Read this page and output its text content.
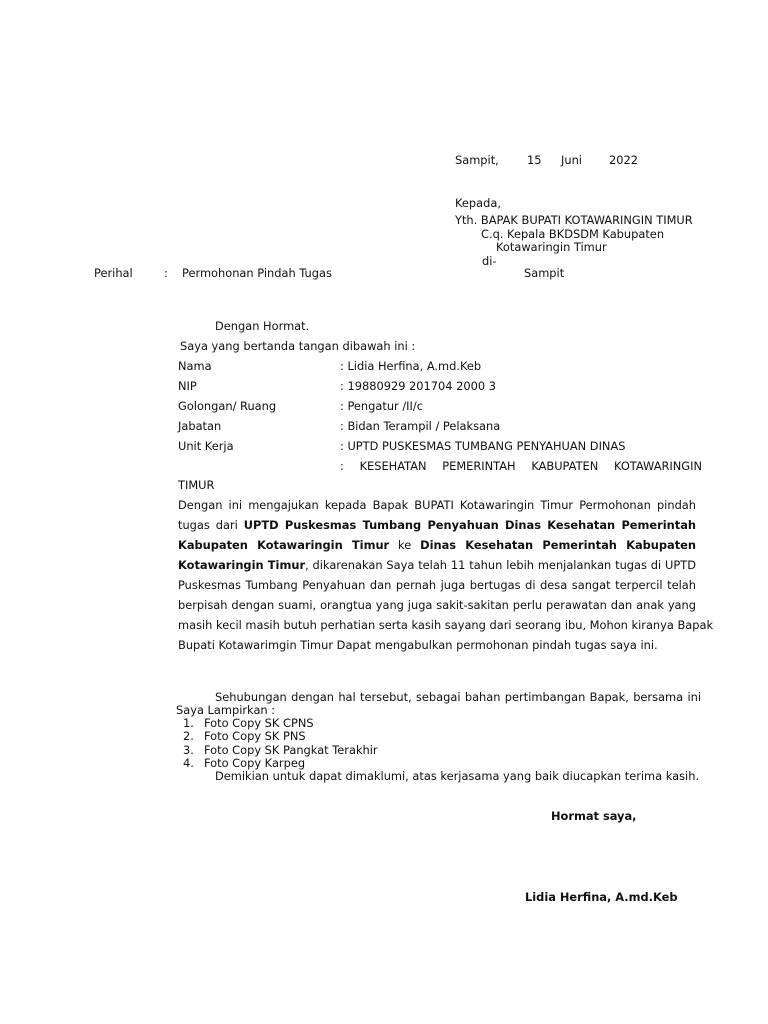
Sampit, 15 Juni 2022
Kepada,
Yth. BAPAK BUPATI KOTAWARINGIN TIMUR
C.q. Kepala BKDSDM Kabupaten
Kotawaringin Timur
di-
Sampit
Perihal	: Permohonan Pindah Tugas
Dengan Hormat.
Saya yang bertanda tangan dibawah ini :
Nama	: Lidia Herfina, A.md.Keb
NIP	: 19880929 201704 2000 3
Golongan/ Ruang	: Pengatur /II/c
Jabatan	: Bidan Terampil / Pelaksana
Unit Kerja	: UPTD PUSKESMAS TUMBANG PENYAHUAN DINAS
: KESEHATAN PEMERINTAH KABUPATEN KOTAWARINGIN
TIMUR
Dengan ini mengajukan kepada Bapak BUPATI Kotawaringin Timur Permohonan pindah
tugas dari UPTD Puskesmas Tumbang Penyahuan Dinas Kesehatan Pemerintah
Kabupaten Kotawaringin Timur ke Dinas Kesehatan Pemerintah Kabupaten
Kotawaringin Timur, dikarenakan Saya telah 11 tahun lebih menjalankan tugas di UPTD
Puskesmas Tumbang Penyahuan dan pernah juga bertugas di desa sangat terpercil telah
berpisah dengan suami, orangtua yang juga sakit-sakitan perlu perawatan dan anak yang
masih kecil masih butuh perhatian serta kasih sayang dari seorang ibu, Mohon kiranya Bapak
Bupati Kotawarimgin Timur Dapat mengabulkan permohonan pindah tugas saya ini.
Sehubungan dengan hal tersebut, sebagai bahan pertimbangan Bapak, bersama ini
Saya Lampirkan :
1. Foto Copy SK CPNS
2. Foto Copy SK PNS
3. Foto Copy SK Pangkat Terakhir
4. Foto Copy Karpeg
Demikian untuk dapat dimaklumi, atas kerjasama yang baik diucapkan terima kasih.
Hormat saya,
Lidia Herfina, A.md.Keb
